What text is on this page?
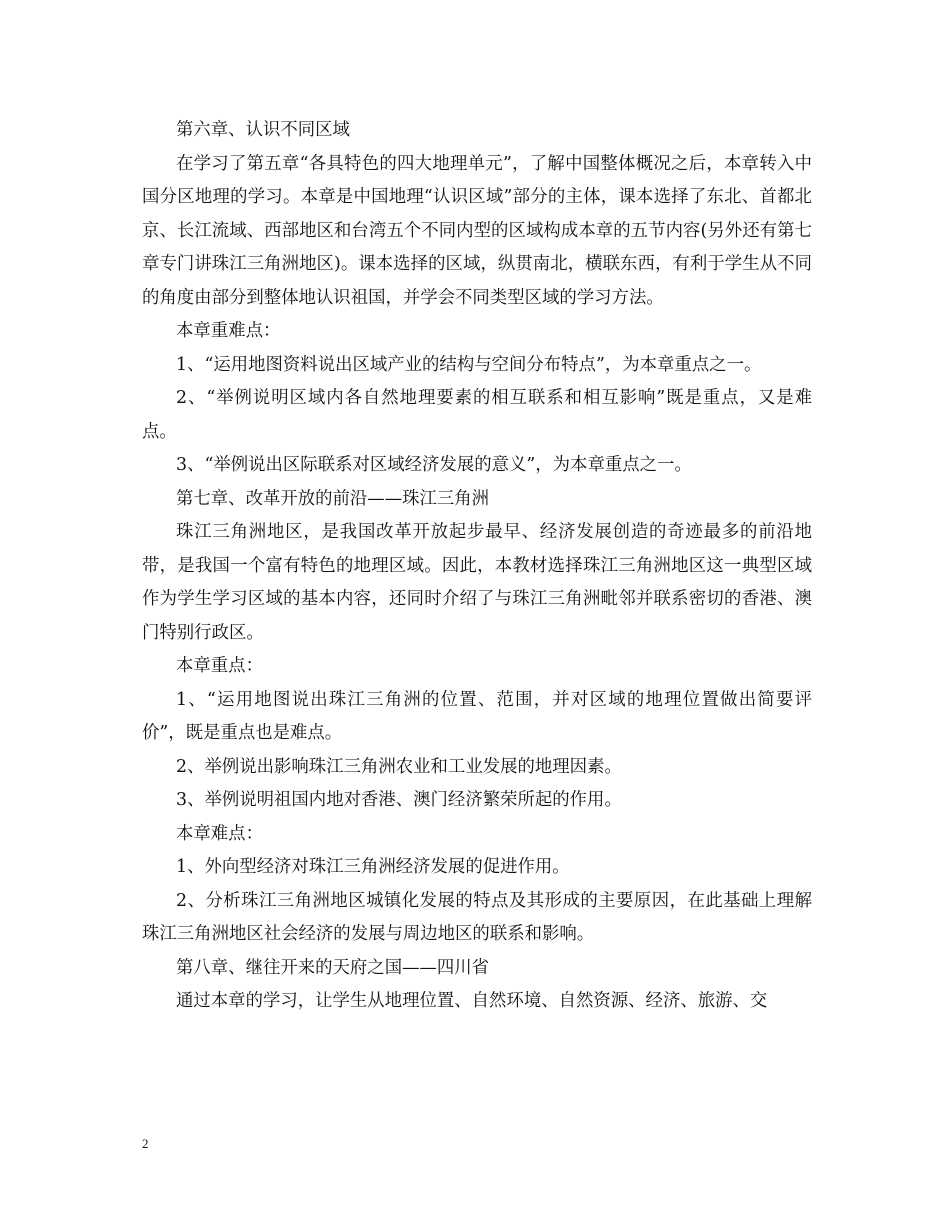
第六章、认识不同区域

在学习了第五章“各具特色的四大地理单元”，了解中国整体概况之后，本章转入中国分区地理的学习。本章是中国地理“认识区域”部分的主体，课本选择了东北、首都北京、长江流域、西部地区和台湾五个不同内型的区域构成本章的五节内容(另外还有第七章专门讲珠江三角洲地区)。课本选择的区域，纵贯南北，横联东西，有利于学生从不同的角度由部分到整体地认识祖国，并学会不同类型区域的学习方法。

本章重难点：

1、“运用地图资料说出区域产业的结构与空间分布特点”，为本章重点之一。

2、“举例说明区域内各自然地理要素的相互联系和相互影响”既是重点，又是难点。

3、“举例说出区际联系对区域经济发展的意义”，为本章重点之一。

第七章、改革开放的前沿——珠江三角洲

珠江三角洲地区，是我国改革开放起步最早、经济发展创造的奇迹最多的前沿地带，是我国一个富有特色的地理区域。因此，本教材选择珠江三角洲地区这一典型区域作为学生学习区域的基本内容，还同时介绍了与珠江三角洲毗邻并联系密切的香港、澳门特别行政区。

本章重点：

1、“运用地图说出珠江三角洲的位置、范围，并对区域的地理位置做出简要评价”，既是重点也是难点。

2、举例说出影响珠江三角洲农业和工业发展的地理因素。

3、举例说明祖国内地对香港、澳门经济繁荣所起的作用。

本章难点：

1、外向型经济对珠江三角洲经济发展的促进作用。

2、分析珠江三角洲地区城镇化发展的特点及其形成的主要原因，在此基础上理解珠江三角洲地区社会经济的发展与周边地区的联系和影响。

第八章、继往开来的天府之国——四川省

通过本章的学习，让学生从地理位置、自然环境、自然资源、经济、旅游、交

2
